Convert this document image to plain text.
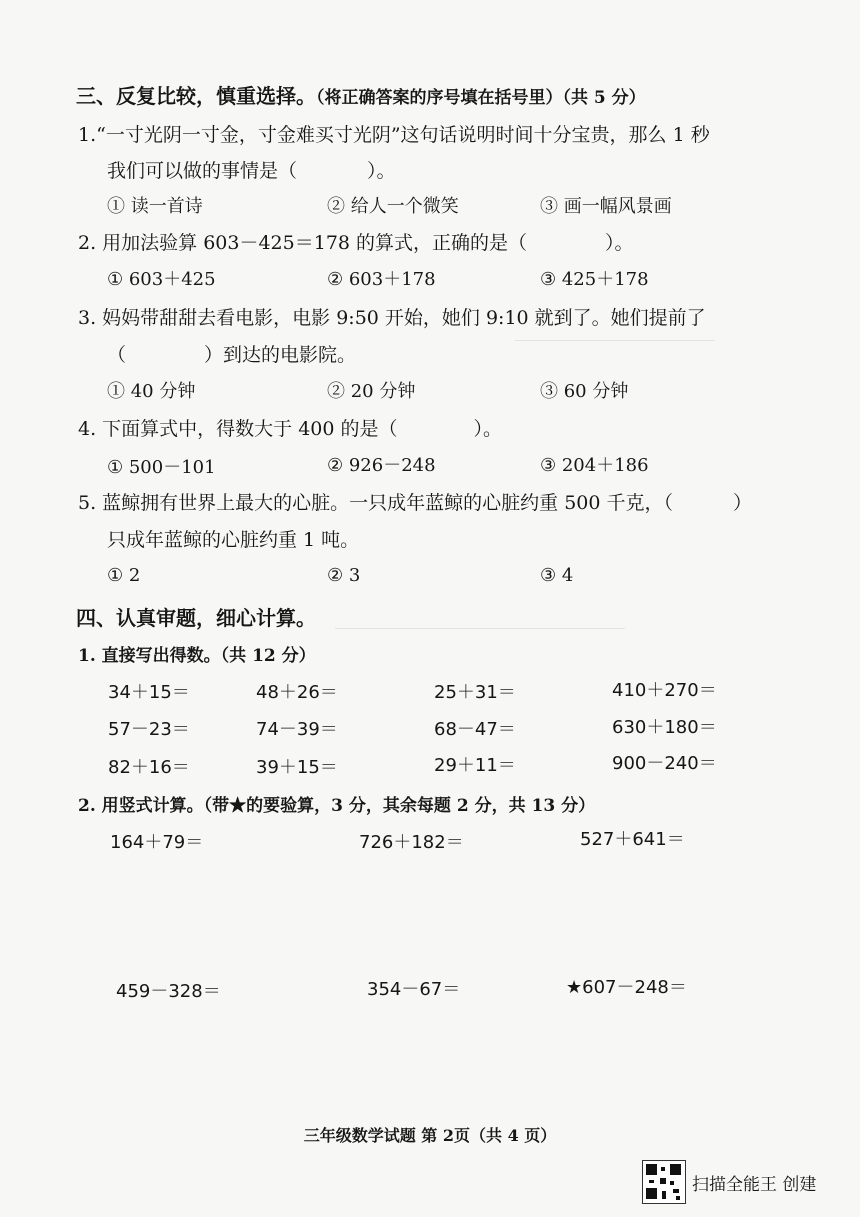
三、反复比较，慎重选择。（将正确答案的序号填在括号里）（共 5 分）
1.“一寸光阴一寸金，寸金难买寸光阴”这句话说明时间十分宝贵，那么 1 秒
我们可以做的事情是（	）。
① 读一首诗	② 给人一个微笑	③ 画一幅风景画
2. 用加法验算 603－425＝178 的算式，正确的是（	）。
① 603＋425	② 603＋178	③ 425＋178
3. 妈妈带甜甜去看电影，电影 9:50 开始，她们 9:10 就到了。她们提前了
（	）到达的电影院。
① 40 分钟	② 20 分钟	③ 60 分钟
4. 下面算式中，得数大于 400 的是（	）。
① 500－101	② 926－248	③ 204＋186
5. 蓝鲸拥有世界上最大的心脏。一只成年蓝鲸的心脏约重 500 千克，（	）
只成年蓝鲸的心脏约重 1 吨。
① 2	② 3	③ 4
四、认真审题，细心计算。
1. 直接写出得数。（共 12 分）
34＋15＝	48＋26＝	25＋31＝	410＋270＝
57－23＝	74－39＝	68－47＝	630＋180＝
82＋16＝	39＋15＝	29＋11＝	900－240＝
2. 用竖式计算。（带★的要验算，3 分，其余每题 2 分，共 13 分）
164＋79＝	726＋182＝	527＋641＝
459－328＝	354－67＝	★607－248＝
三年级数学试题 第 2页（共 4 页）
扫描全能王 创建
